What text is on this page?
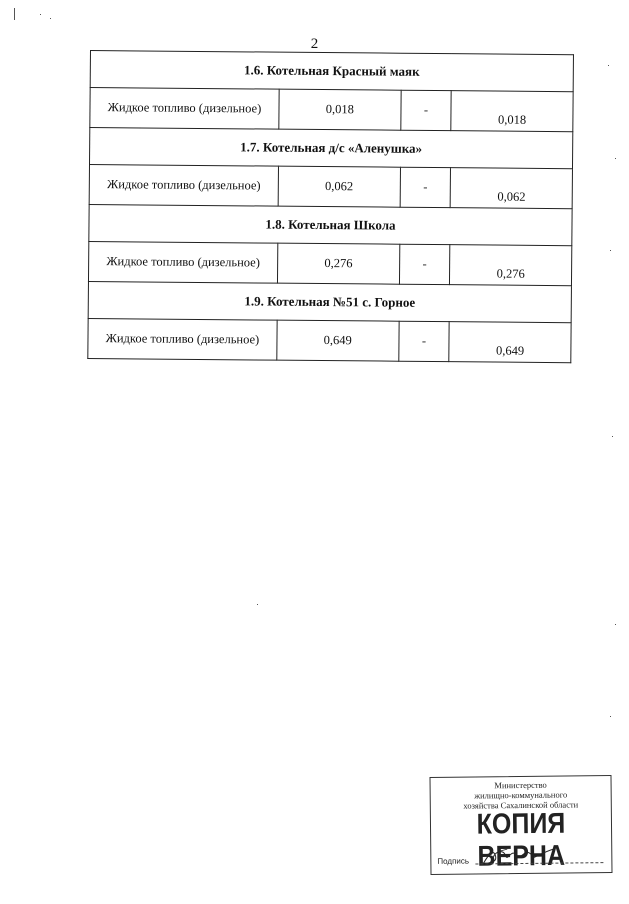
2
1.6. Котельная Красный маяк			
Жидкое топливо (дизельное)	0,018	-	0,018
1.7. Котельная д/с «Аленушка»			
Жидкое топливо (дизельное)	0,062	-	0,062
1.8. Котельная Школа			
Жидкое топливо (дизельное)	0,276	-	0,276
1.9. Котельная №51 с. Горное			
Жидкое топливо (дизельное)	0,649	-	0,649
Министерство
жилищно-коммунального
хозяйства Сахалинской области
КОПИЯ ВЕРНА
Подпись
